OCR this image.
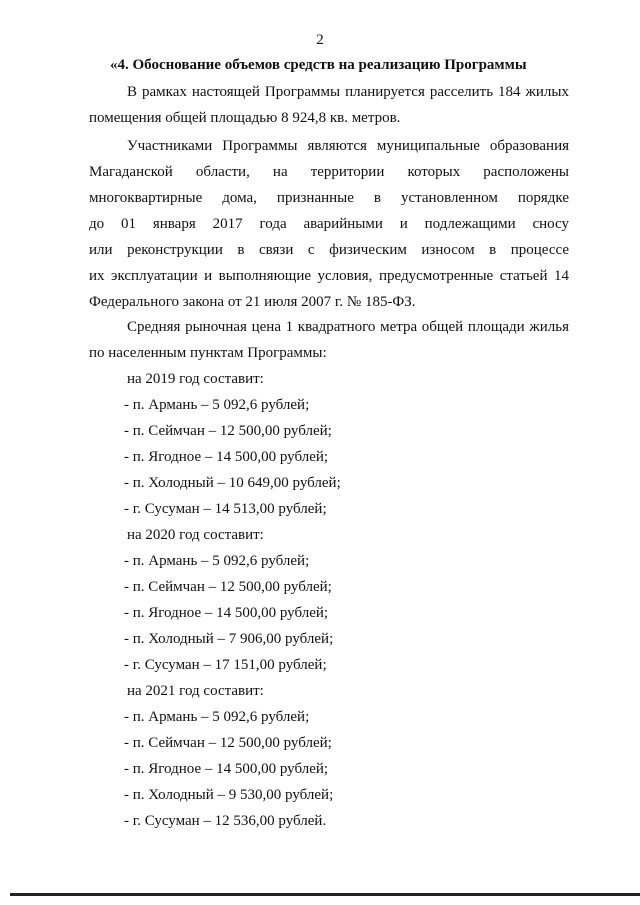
2
«4. Обоснование объемов средств на реализацию Программы
В рамках настоящей Программы планируется расселить 184 жилых
помещения общей площадью 8 924,8 кв. метров.
Участниками Программы являются муниципальные образования
Магаданской области, на территории которых расположены
многоквартирные дома, признанные в установленном порядке
до 01 января 2017 года аварийными и подлежащими сносу
или реконструкции в связи с физическим износом в процессе
их эксплуатации и выполняющие условия, предусмотренные статьей 14
Федерального закона от 21 июля 2007 г. № 185-ФЗ.
Средняя рыночная цена 1 квадратного метра общей площади жилья
по населенным пунктам Программы:
на 2019 год составит:
- п. Армань – 5 092,6 рублей;
- п. Сеймчан – 12 500,00 рублей;
- п. Ягодное – 14 500,00 рублей;
- п. Холодный – 10 649,00 рублей;
- г. Сусуман – 14 513,00 рублей;
на 2020 год составит:
- п. Армань – 5 092,6 рублей;
- п. Сеймчан – 12 500,00 рублей;
- п. Ягодное – 14 500,00 рублей;
- п. Холодный – 7 906,00 рублей;
- г. Сусуман – 17 151,00 рублей;
на 2021 год составит:
- п. Армань – 5 092,6 рублей;
- п. Сеймчан – 12 500,00 рублей;
- п. Ягодное – 14 500,00 рублей;
- п. Холодный – 9 530,00 рублей;
- г. Сусуман – 12 536,00 рублей.
